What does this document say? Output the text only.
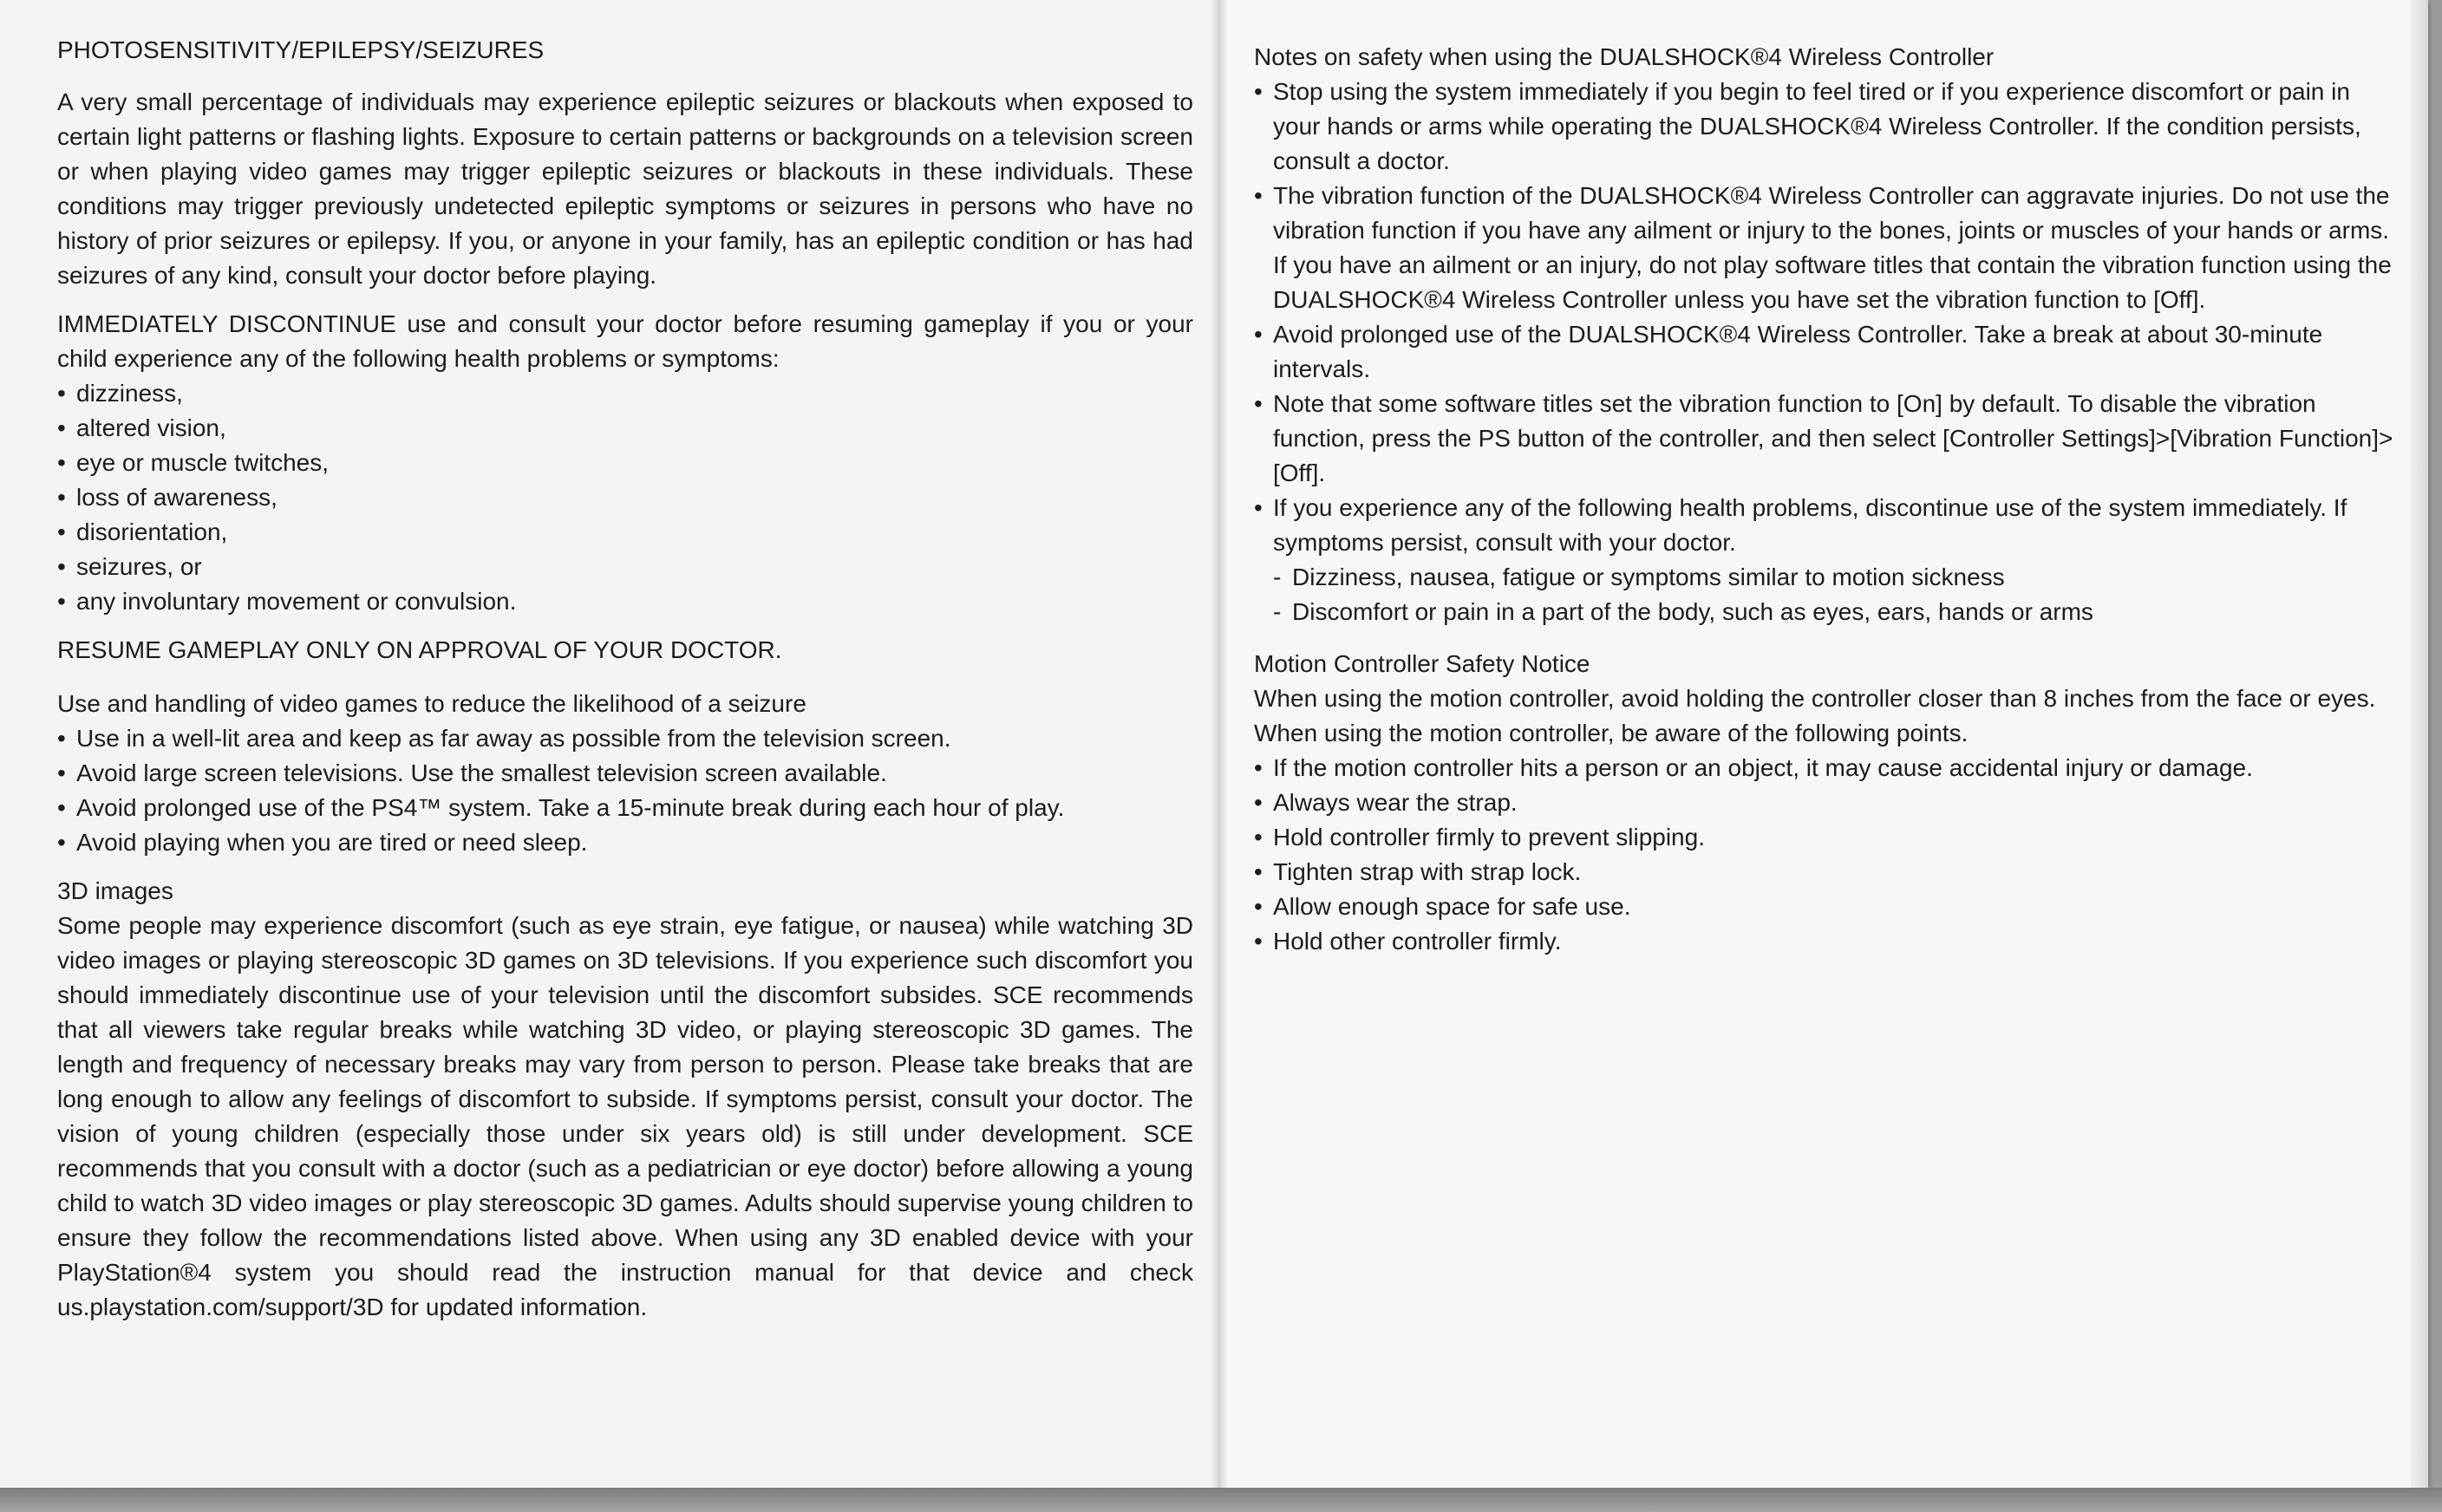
PHOTOSENSITIVITY/EPILEPSY/SEIZURES

A very small percentage of individuals may experience epileptic seizures or blackouts when exposed to certain light patterns or flashing lights. Exposure to certain patterns or backgrounds on a television screen or when playing video games may trigger epileptic seizures or blackouts in these individuals. These conditions may trigger previously undetected epileptic symptoms or seizures in persons who have no history of prior seizures or epilepsy. If you, or anyone in your family, has an epileptic condition or has had seizures of any kind, consult your doctor before playing.

IMMEDIATELY DISCONTINUE use and consult your doctor before resuming gameplay if you or your child experience any of the following health problems or symptoms:

• dizziness,
• altered vision,
• eye or muscle twitches,
• loss of awareness,
• disorientation,
• seizures, or
• any involuntary movement or convulsion.
RESUME GAMEPLAY ONLY ON APPROVAL OF YOUR DOCTOR.
Use and handling of video games to reduce the likelihood of a seizure
• Use in a well-lit area and keep as far away as possible from the television screen.
• Avoid large screen televisions. Use the smallest television screen available.
• Avoid prolonged use of the PS4™ system. Take a 15-minute break during each hour of play.
• Avoid playing when you are tired or need sleep.
3D images

Some people may experience discomfort (such as eye strain, eye fatigue, or nausea) while watching 3D video images or playing stereoscopic 3D games on 3D televisions. If you experience such discomfort you should immediately discontinue use of your television until the discomfort subsides. SCE recommends that all viewers take regular breaks while watching 3D video, or playing stereoscopic 3D games. The length and frequency of necessary breaks may vary from person to person. Please take breaks that are long enough to allow any feelings of discomfort to subside. If symptoms persist, consult your doctor. The vision of young children (especially those under six years old) is still under development. SCE recommends that you consult with a doctor (such as a pediatrician or eye doctor) before allowing a young child to watch 3D video images or play stereoscopic 3D games. Adults should supervise young children to ensure they follow the recommendations listed above. When using any 3D enabled device with your PlayStation®4 system you should read the instruction manual for that device and check us.playstation.com/support/3D for updated information.

Notes on safety when using the DUALSHOCK®4 Wireless Controller
• Stop using the system immediately if you begin to feel tired or if you experience discomfort or pain in your hands or arms while operating the DUALSHOCK®4 Wireless Controller. If the condition persists, consult a doctor.
• The vibration function of the DUALSHOCK®4 Wireless Controller can aggravate injuries. Do not use the vibration function if you have any ailment or injury to the bones, joints or muscles of your hands or arms. If you have an ailment or an injury, do not play software titles that contain the vibration function using the DUALSHOCK®4 Wireless Controller unless you have set the vibration function to [Off].
• Avoid prolonged use of the DUALSHOCK®4 Wireless Controller. Take a break at about 30-minute intervals.
• Note that some software titles set the vibration function to [On] by default. To disable the vibration function, press the PS button of the controller, and then select [Controller Settings]>[Vibration Function]>[Off].
• If you experience any of the following health problems, discontinue use of the system immediately. If symptoms persist, consult with your doctor.
- Dizziness, nausea, fatigue or symptoms similar to motion sickness
- Discomfort or pain in a part of the body, such as eyes, ears, hands or arms
Motion Controller Safety Notice
When using the motion controller, avoid holding the controller closer than 8 inches from the face or eyes.
When using the motion controller, be aware of the following points.
• If the motion controller hits a person or an object, it may cause accidental injury or damage.
• Always wear the strap.
• Hold controller firmly to prevent slipping.
• Tighten strap with strap lock.
• Allow enough space for safe use.
• Hold other controller firmly.
